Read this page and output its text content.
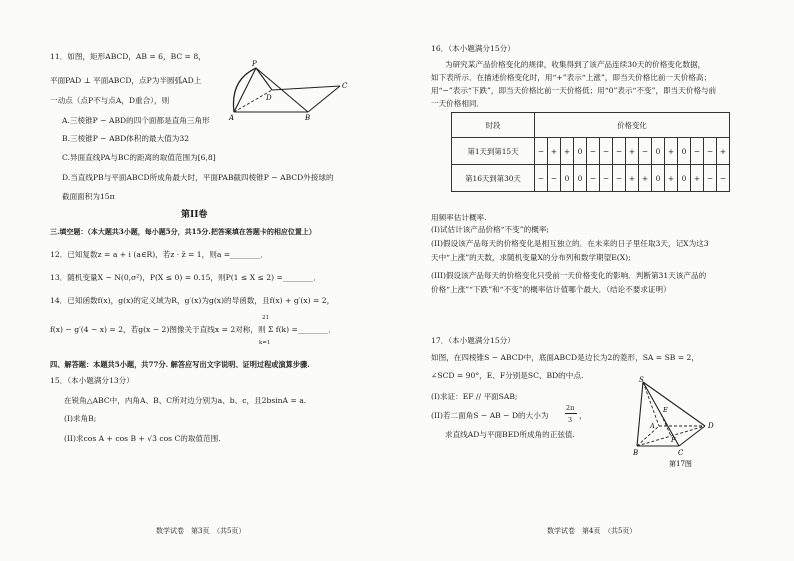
11．如图，矩形ABCD，AB = 6，BC = 8，
平面PAD ⊥ 平面ABCD，点P为半圆弧AD上
一动点（点P不与点A，D重合），则
P
D
C
A	B
A.三棱锥P − ABD的四个面都是直角三角形
B.三棱锥P − ABD体积的最大值为32
C.异面直线PA与BC的距离的取值范围为[6,8]
D.当直线PB与平面ABCD所成角最大时，平面PAB截四棱锥P − ABCD外接球的
截面面积为15π
第II卷
三.填空题：（本大题共3小题，每小题5分，共15分.把答案填在答题卡的相应位置上）
12．已知复数z = a + i (a∈R)，若z · z̄ = 1，则a =________．
13．随机变量X ~ N(0,σ²)，P(X ≤ 0) = 0.15，则P(1 ≤ X ≤ 2) =________．
14．已知函数f(x)，g(x)的定义域为R，g′(x)为g(x)的导函数，且f(x) + g′(x) = 2，
f(x) − g′(4 − x) = 2，若g(x − 2)图像关于直线x = 2对称，则 Σ f(k) =________．
21
k=1
四、解答题：本题共5小题，共77分. 解答应写出文字说明、证明过程或演算步骤.
15．（本小题满分13分）
在锐角△ABC中，内角A、B、C所对边分别为a、b、c，且2bsinA = a.
(I)求角B;
(II)求cos A + cos B + √3 cos C的取值范围.
数学试卷　第3页　（共5页）
16．（本小题满分15分）
为研究某产品价格变化的规律，收集得到了该产品连续30天的价格变化数据，
如下表所示．在描述价格变化时，用“+”表示“上涨”，即当天价格比前一天价格高；
用“−”表示“下跌”，即当天价格比前一天价格低；用“0”表示“不变”，即当天价格与前
一天价格相同．
时段	价格变化														
第1天到第15天	−	+	+	0	−	−	−	+	−	0	+	0	−	−	+
第16天到第30天	−	−	0	0	−	−	−	+	+	0	+	0	+	−	−
用频率估计概率.
(I)试估计该产品价格“不变”的概率;
(II)假设该产品每天的价格变化是相互独立的．在未来的日子里任取3天，记X为这3
天中“上涨”的天数，求随机变量X的分布列和数学期望E(X);
(III)假设该产品每天的价格变化只受前一天价格变化的影响．判断第31天该产品的
价格“上涨”“下跌”和“不变”的概率估计值哪个最大．（结论不要求证明）
17．（本小题满分15分）
如图，在四棱锥S − ABCD中，底面ABCD是边长为2的菱形，SA = SB = 2，
∠SCD = 90°，E、F分别是SC、BD的中点.
(I)求证：EF // 平面SAB;
(II)若二面角S − AB − D的大小为
2π
3 ，
求直线AD与平面BED所成角的正弦值.
S
E
A
F
D
B	C
第17图
数学试卷　第4页　（共5页）
